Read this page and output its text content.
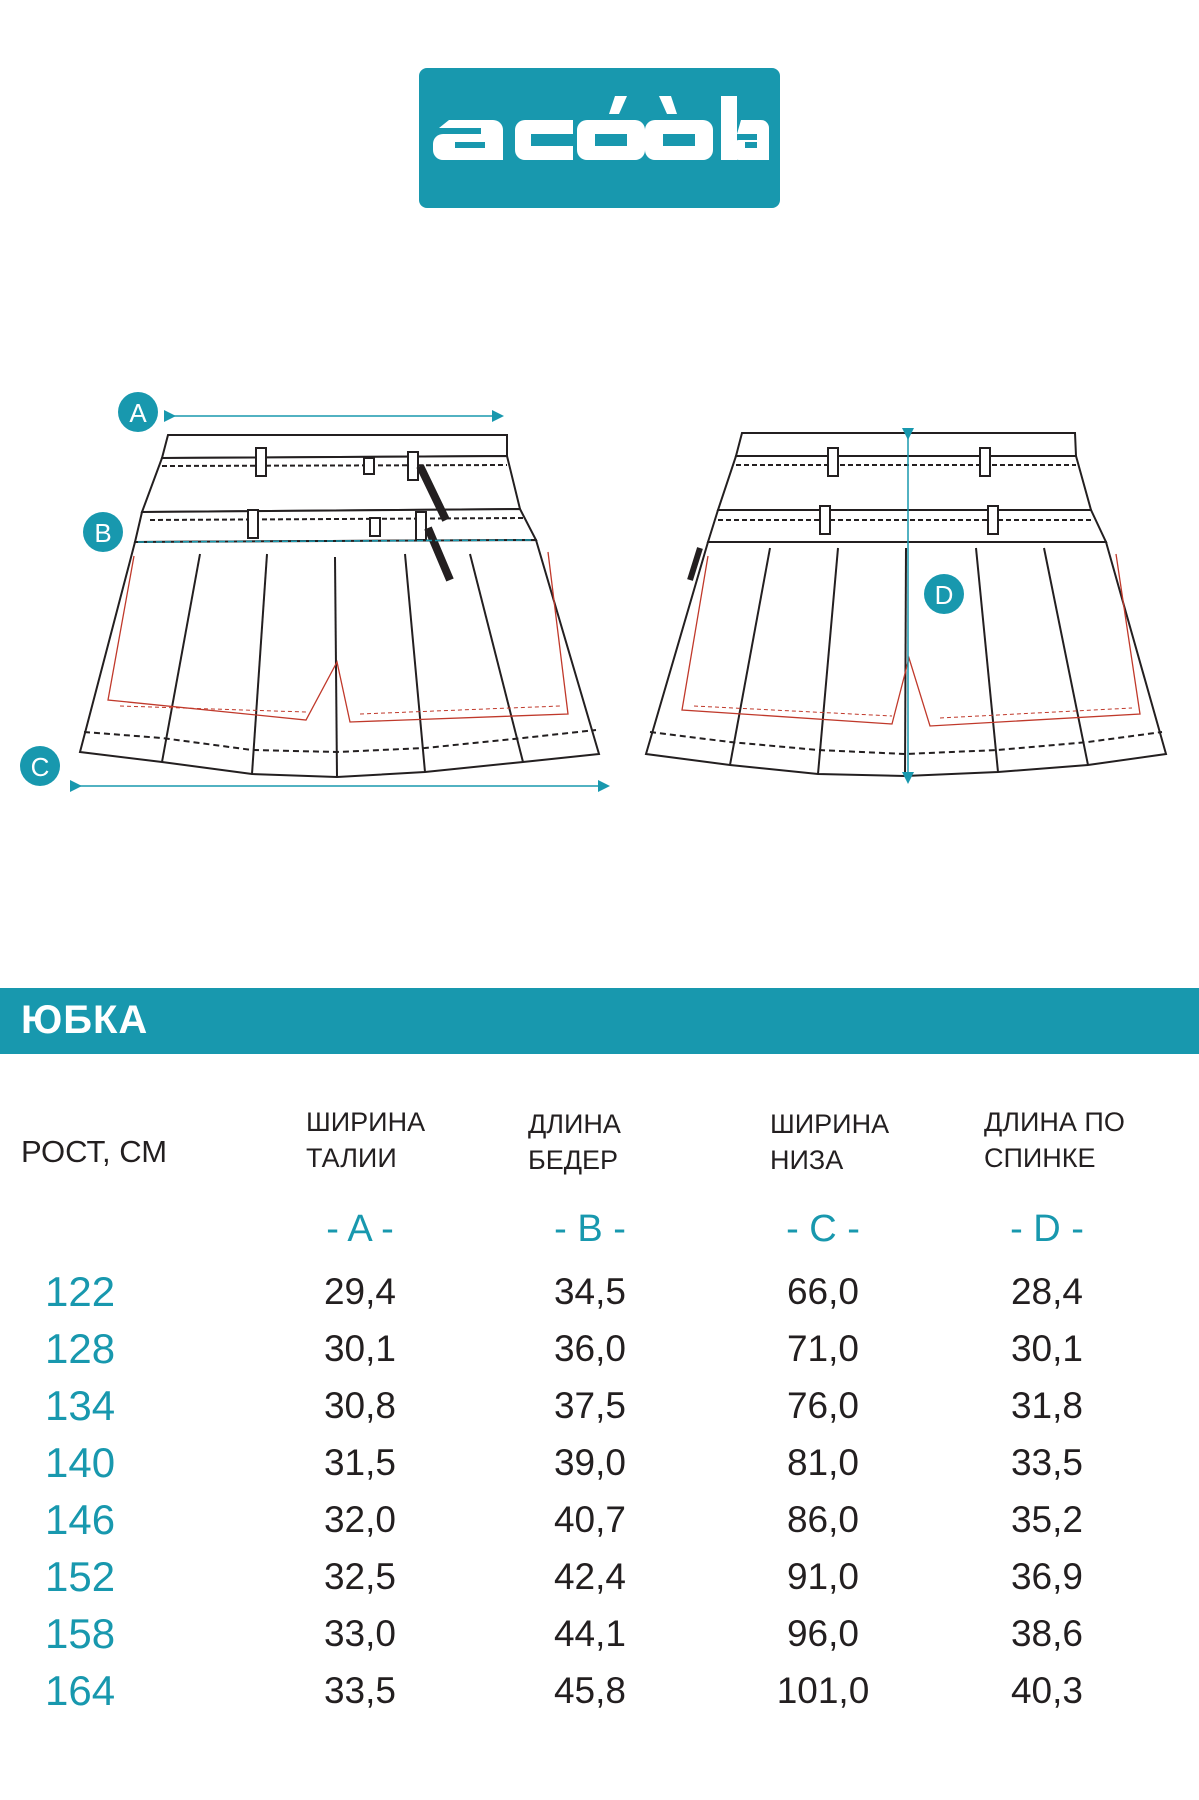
A
B
C
D
ЮБКА
РОСТ, СМ
ШИРИНА
ТАЛИИ
ДЛИНА
БЕДЕР
ШИРИНА
НИЗА
ДЛИНА ПО
СПИНКЕ
- A -	- B -	- C -	- D -
122	29,4	34,5	66,0	28,4
128	30,1	36,0	71,0	30,1
134	30,8	37,5	76,0	31,8
140	31,5	39,0	81,0	33,5
146	32,0	40,7	86,0	35,2
152	32,5	42,4	91,0	36,9
158	33,0	44,1	96,0	38,6
164	33,5	45,8	101,0	40,3
